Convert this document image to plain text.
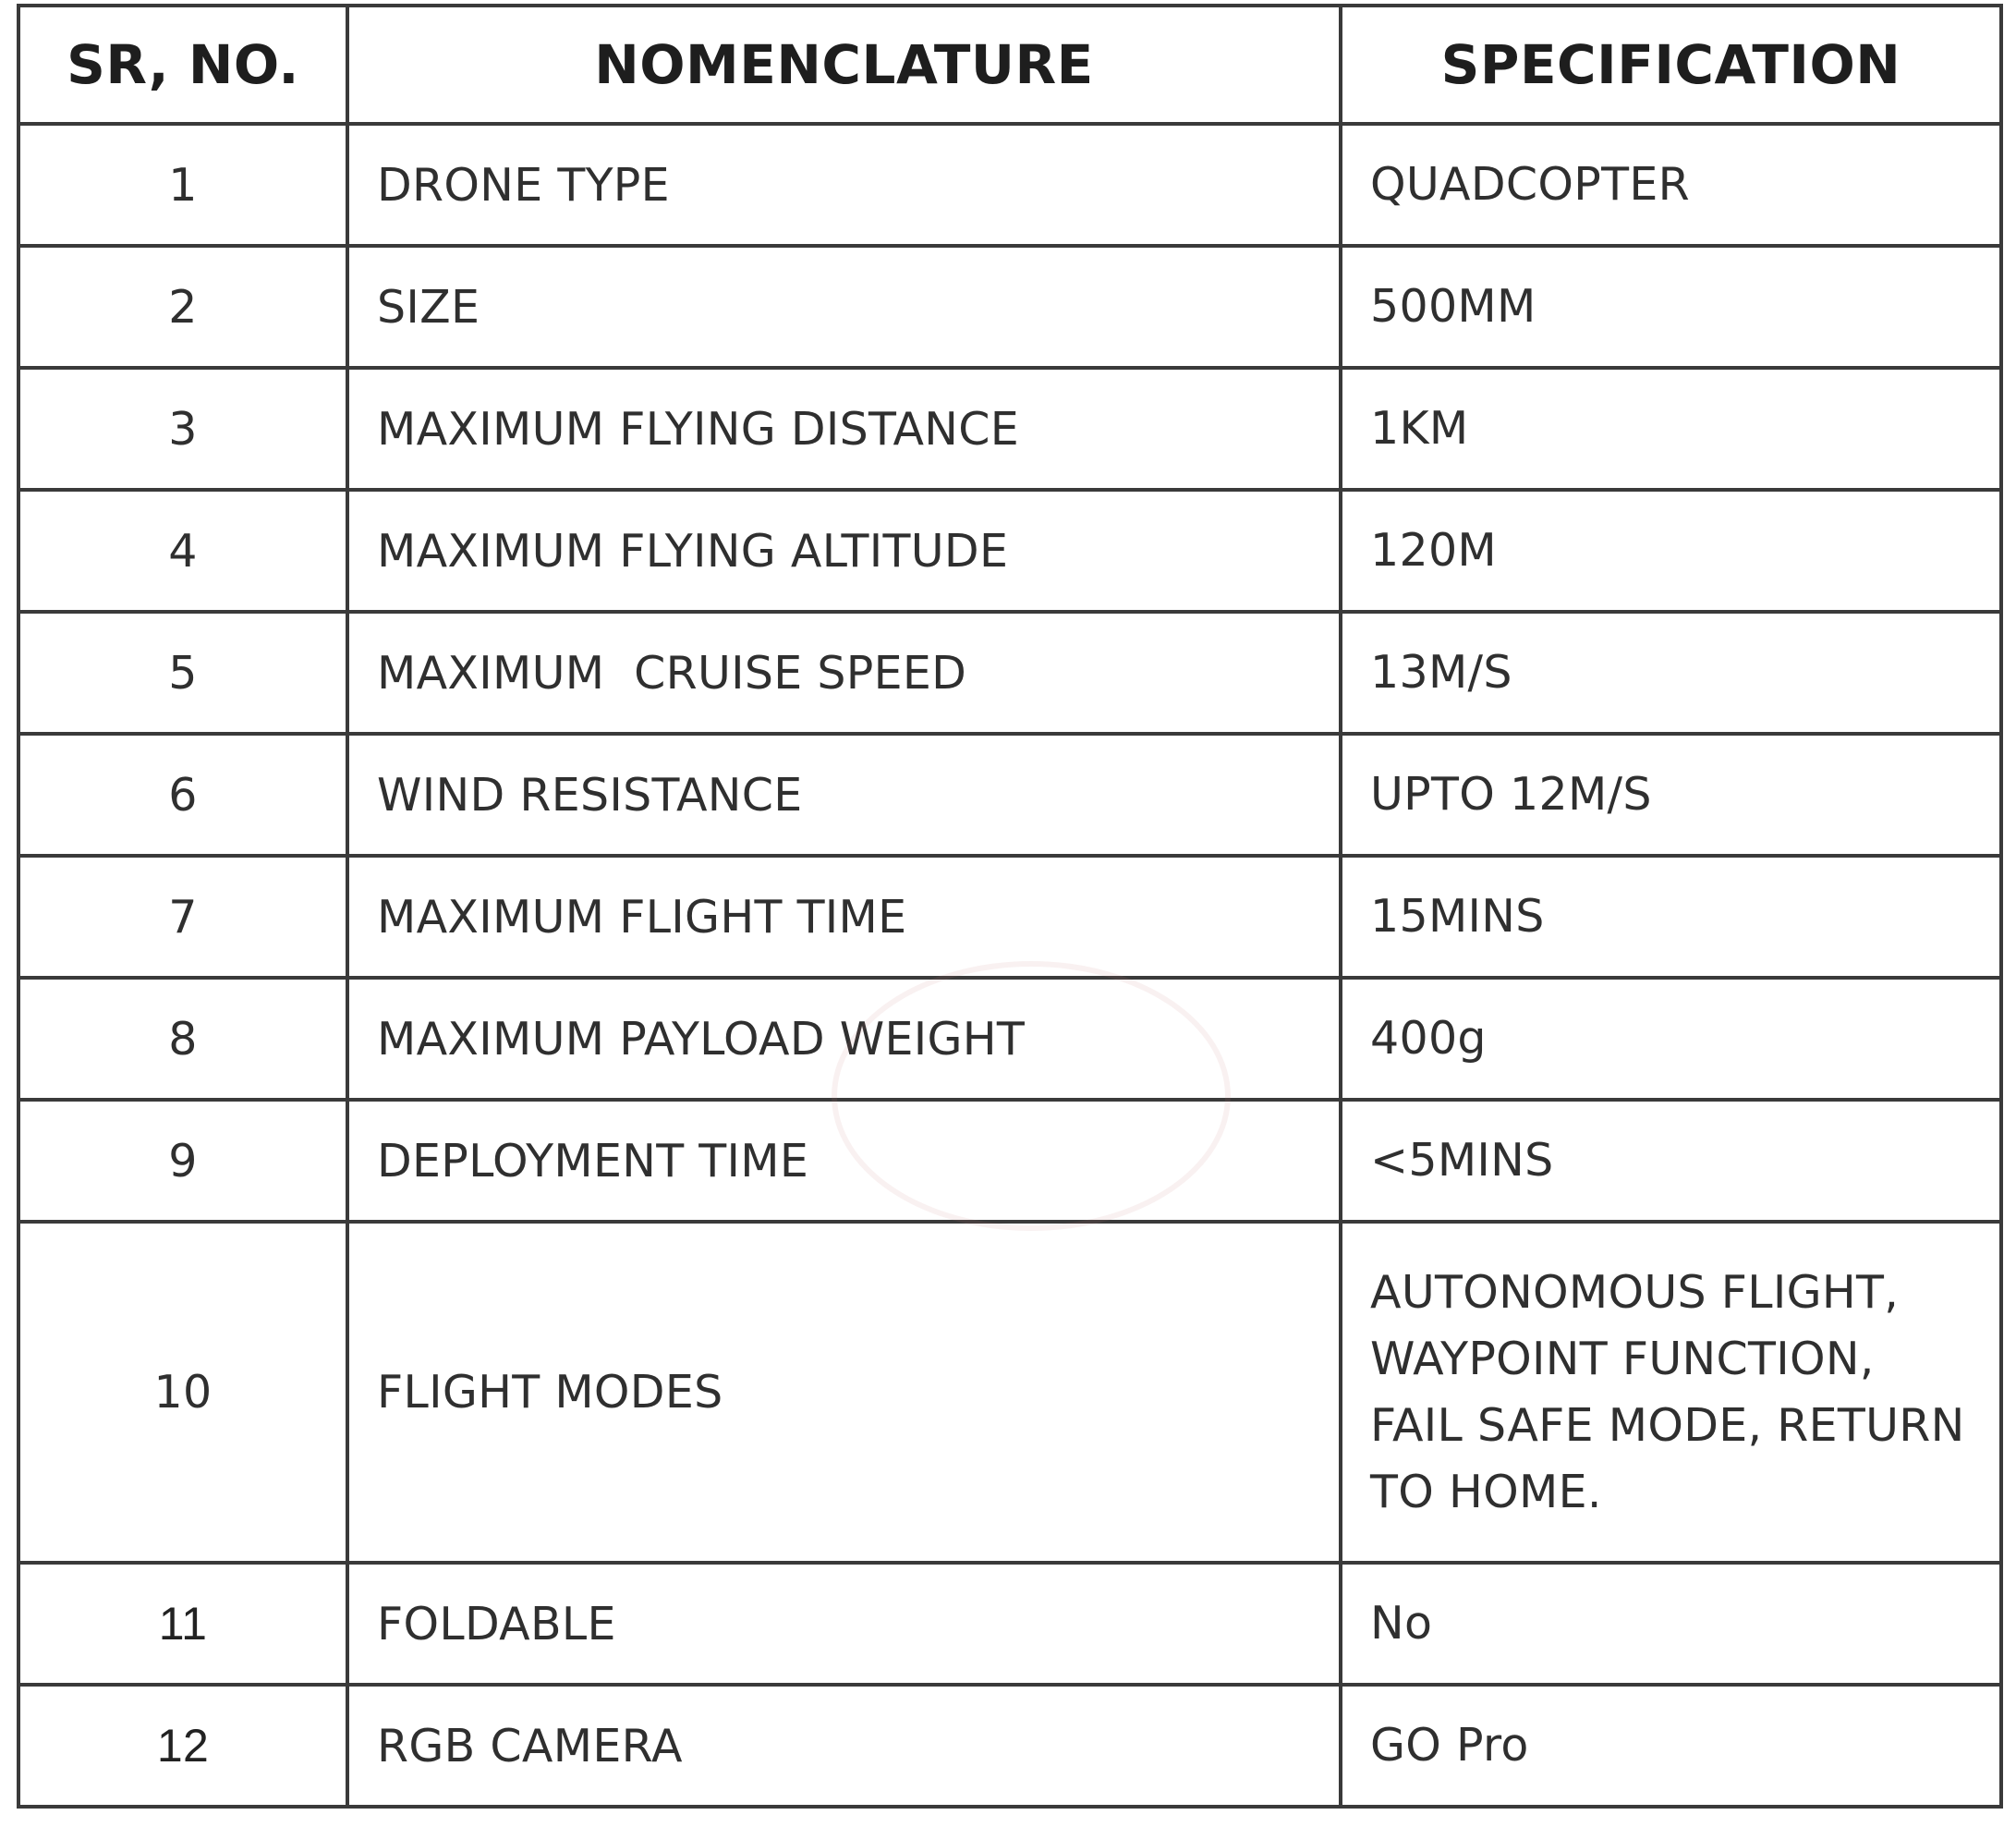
SR, NO.	NOMENCLATURE	SPECIFICATION
1	DRONE TYPE	QUADCOPTER
2	SIZE	500MM
3	MAXIMUM FLYING DISTANCE	1KM
4	MAXIMUM FLYING ALTITUDE	120M
5	MAXIMUM  CRUISE SPEED	13M/S
6	WIND RESISTANCE	UPTO 12M/S
7	MAXIMUM FLIGHT TIME	15MINS
8	MAXIMUM PAYLOAD WEIGHT	400g
9	DEPLOYMENT TIME	<5MINS
10	FLIGHT MODES	AUTONOMOUS FLIGHT,
WAYPOINT FUNCTION,
FAIL SAFE MODE, RETURN
TO HOME.

11	FOLDABLE	No
12	RGB CAMERA	GO Pro
